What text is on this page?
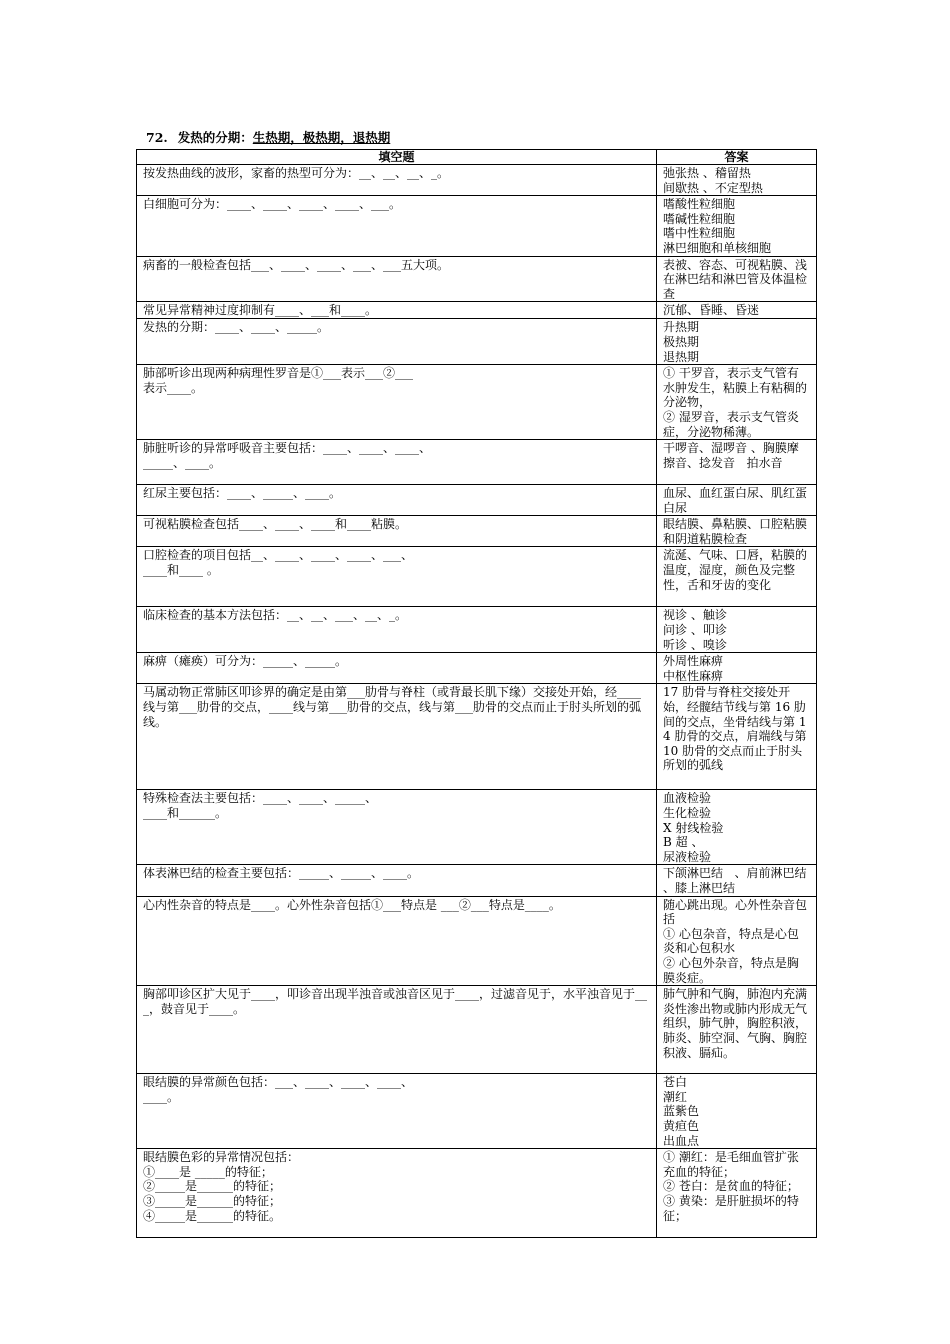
72. 发热的分期：生热期，极热期，退热期
填空题	答案
按发热曲线的波形，家畜的热型可分为：__、__、__、_。	弛张热 、稽留热
间歇热 、不定型热
白细胞可分为：____、____、____、____、___。	嗜酸性粒细胞
嗜碱性粒细胞
嗜中性粒细胞
淋巴细胞和单核细胞
病畜的一般检查包括___、____、____、___、___五大项。	表被、容态、可视粘膜、浅在淋巴结和淋巴管及体温检查
常见异常精神过度抑制有____、___和____。	沉郁、昏睡、昏迷
发热的分期：____、____、_____。	升热期
极热期
退热期
肺部听诊出现两种病理性罗音是①___表示___②___
表示____。	① 干罗音，表示支气管有水肿发生，粘膜上有粘稠的分泌物，
② 湿罗音，表示支气管炎症，分泌物稀薄。
肺脏听诊的异常呼吸音主要包括：____、____、____、
_____、____。	干啰音、湿啰音 、胸膜摩擦音、捻发音   拍水音
红尿主要包括：____、_____、____。	血尿、血红蛋白尿、肌红蛋白尿
可视粘膜检查包括____、____、____和____粘膜。	眼结膜、鼻粘膜、口腔粘膜和阴道粘膜检查
口腔检查的项目包括__、____、____、____、___、
____和____ 。	流涎、气味、口唇，粘膜的温度，湿度，颜色及完整性，舌和牙齿的变化
临床检查的基本方法包括：__、__、___、__、_。	视诊 、触诊
问诊 、叩诊
听诊 、嗅诊
麻痹（瘫痪）可分为：_____、_____。	外周性麻痹
中枢性麻痹
马属动物正常肺区叩诊界的确定是由第___肋骨与脊柱（或背最长肌下缘）交接处开始，经____线与第___肋骨的交点，____线与第___肋骨的交点，线与第___肋骨的交点而止于肘头所划的弧线。	17 肋骨与脊柱交接处开始，经髋结节线与第 16 肋间的交点，坐骨结线与第 14 肋骨的交点，肩端线与第 10 肋骨的交点而止于肘头所划的弧线
特殊检查法主要包括：____、____、_____、
____和______。	血液检验
生化检验
X 射线检验
B 超 、
尿液检验
体表淋巴结的检查主要包括：_____、_____、____。	下颌淋巴结   、肩前淋巴结   、膝上淋巴结
心内性杂音的特点是____。心外性杂音包括①___特点是 ___②___特点是____。	随心跳出现。心外性杂音包括
① 心包杂音，特点是心包炎和心包积水
② 心包外杂音，特点是胸膜炎症。
胸部叩诊区扩大见于____，叩诊音出现半浊音或浊音区见于____，过滤音见于，水平浊音见于___，鼓音见于____。	肺气肿和气胸，肺泡内充满炎性渗出物或肺内形成无气组织，肺气肿，胸腔积液，肺炎、肺空洞、气胸、胸腔积液、膈疝。
眼结膜的异常颜色包括：___、____、____、____、
____。	苍白
潮红
蓝紫色
黄疸色
出血点
眼结膜色彩的异常情况包括：
①____是 _____的特征；
②_____是______的特征；
③_____是______的特征；
④_____是______的特征。	① 潮红：是毛细血管扩张充血的特征；
② 苍白：是贫血的特征；
③ 黄染：是肝脏损坏的特征；
